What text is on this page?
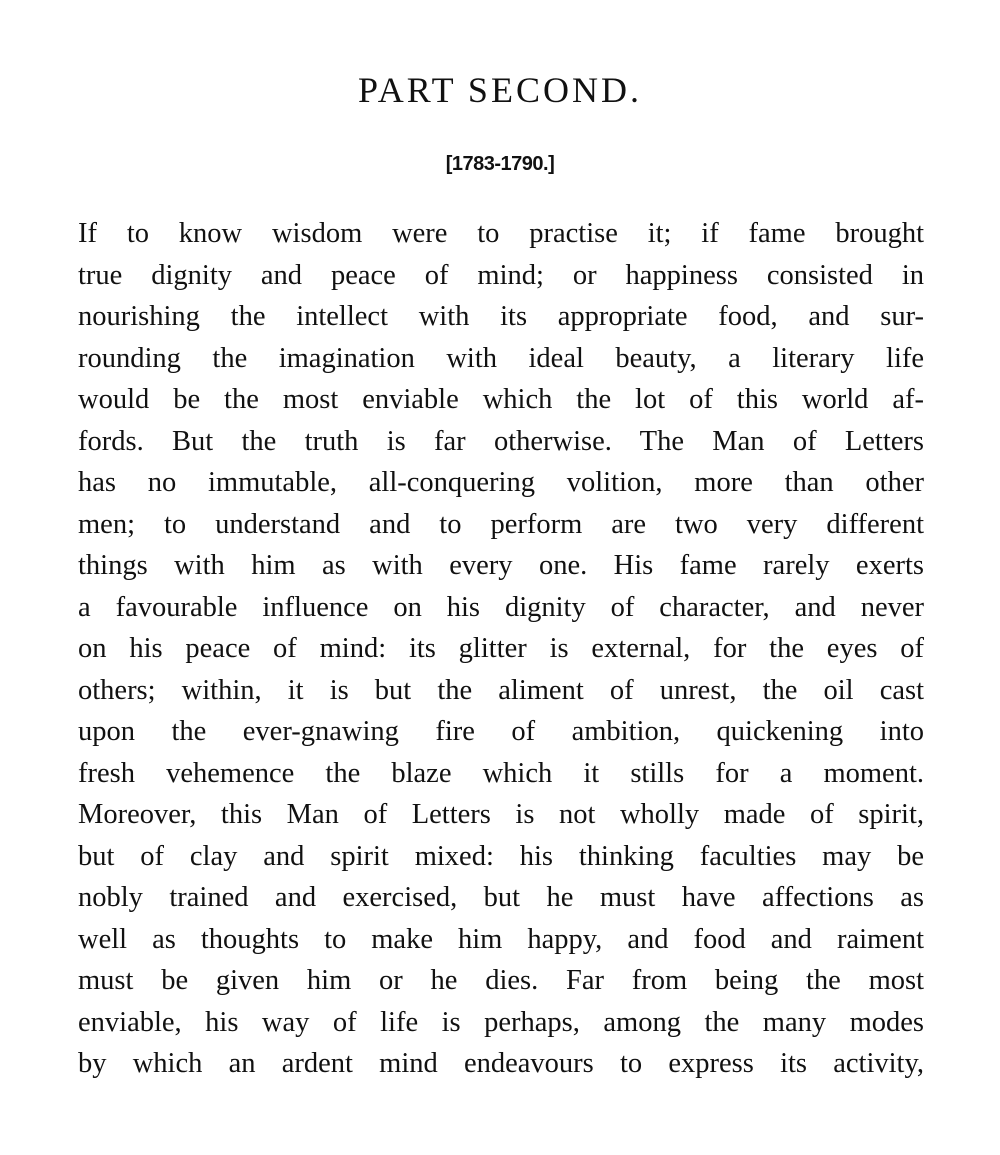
PART SECOND.
[1783-1790.]
If to know wisdom were to practise it; if fame brought
true dignity and peace of mind; or happiness consisted in
nourishing the intellect with its appropriate food, and sur-
rounding the imagination with ideal beauty, a literary life
would be the most enviable which the lot of this world af-
fords. But the truth is far otherwise. The Man of Letters
has no immutable, all-conquering volition, more than other
men; to understand and to perform are two very different
things with him as with every one. His fame rarely exerts
a favourable influence on his dignity of character, and never
on his peace of mind: its glitter is external, for the eyes of
others; within, it is but the aliment of unrest, the oil cast
upon the ever-gnawing fire of ambition, quickening into
fresh vehemence the blaze which it stills for a moment.
Moreover, this Man of Letters is not wholly made of spirit,
but of clay and spirit mixed: his thinking faculties may be
nobly trained and exercised, but he must have affections as
well as thoughts to make him happy, and food and raiment
must be given him or he dies. Far from being the most
enviable, his way of life is perhaps, among the many modes
by which an ardent mind endeavours to express its activity,
